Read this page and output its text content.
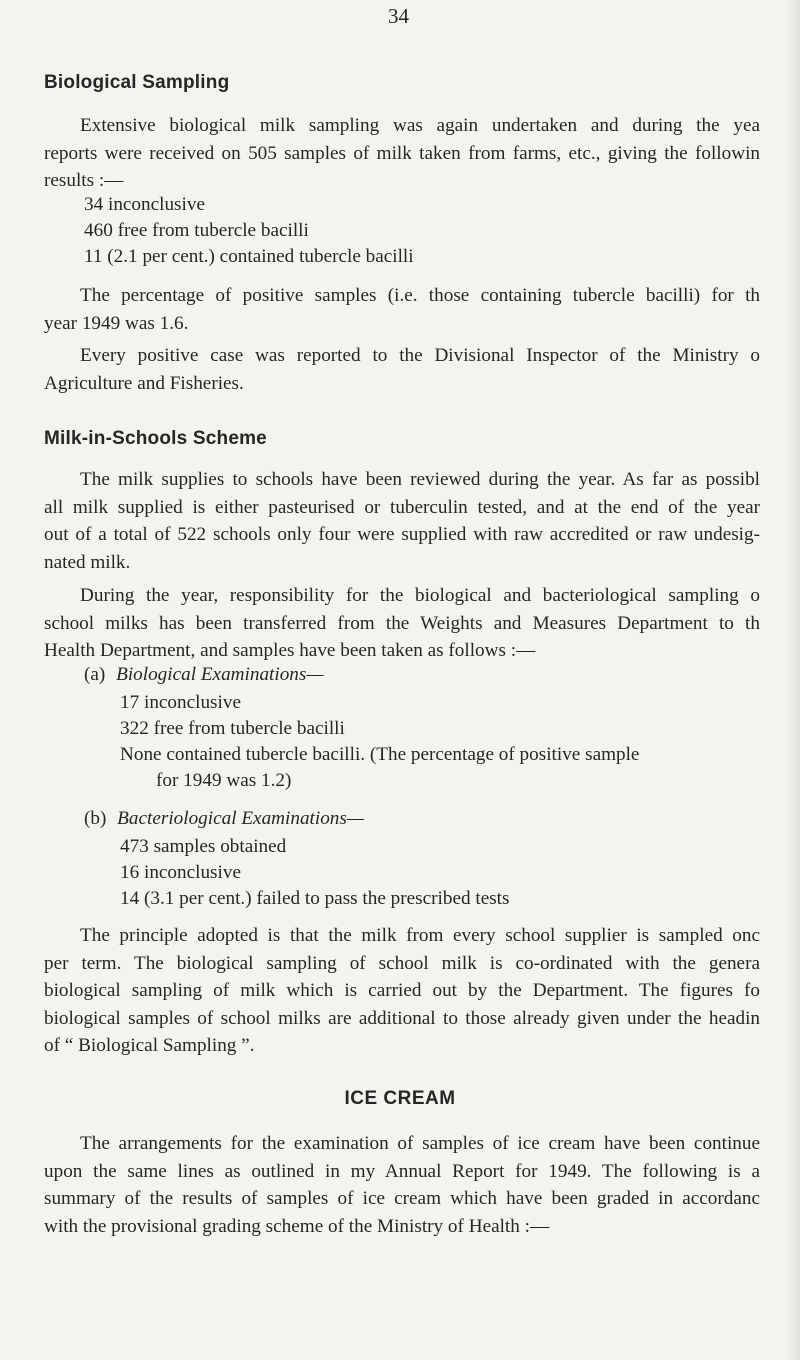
34
Biological Sampling
Extensive biological milk sampling was again undertaken and during the yea
reports were received on 505 samples of milk taken from farms, etc., giving the followin
results :—
34 inconclusive
460 free from tubercle bacilli
11 (2.1 per cent.) contained tubercle bacilli
The percentage of positive samples (i.e. those containing tubercle bacilli) for th
year 1949 was 1.6.
Every positive case was reported to the Divisional Inspector of the Ministry o
Agriculture and Fisheries.
Milk-in-Schools Scheme
The milk supplies to schools have been reviewed during the year. As far as possibl
all milk supplied is either pasteurised or tuberculin tested, and at the end of the year
out of a total of 522 schools only four were supplied with raw accredited or raw undesig-
nated milk.
During the year, responsibility for the biological and bacteriological sampling o
school milks has been transferred from the Weights and Measures Department to th
Health Department, and samples have been taken as follows :—
(a) Biological Examinations—
17 inconclusive
322 free from tubercle bacilli
None contained tubercle bacilli. (The percentage of positive sample
for 1949 was 1.2)
(b) Bacteriological Examinations—
473 samples obtained
16 inconclusive
14 (3.1 per cent.) failed to pass the prescribed tests
The principle adopted is that the milk from every school supplier is sampled onc
per term. The biological sampling of school milk is co-ordinated with the genera
biological sampling of milk which is carried out by the Department. The figures fo
biological samples of school milks are additional to those already given under the headin
of “ Biological Sampling ”.
ICE CREAM
The arrangements for the examination of samples of ice cream have been continue
upon the same lines as outlined in my Annual Report for 1949. The following is a
summary of the results of samples of ice cream which have been graded in accordanc
with the provisional grading scheme of the Ministry of Health :—
